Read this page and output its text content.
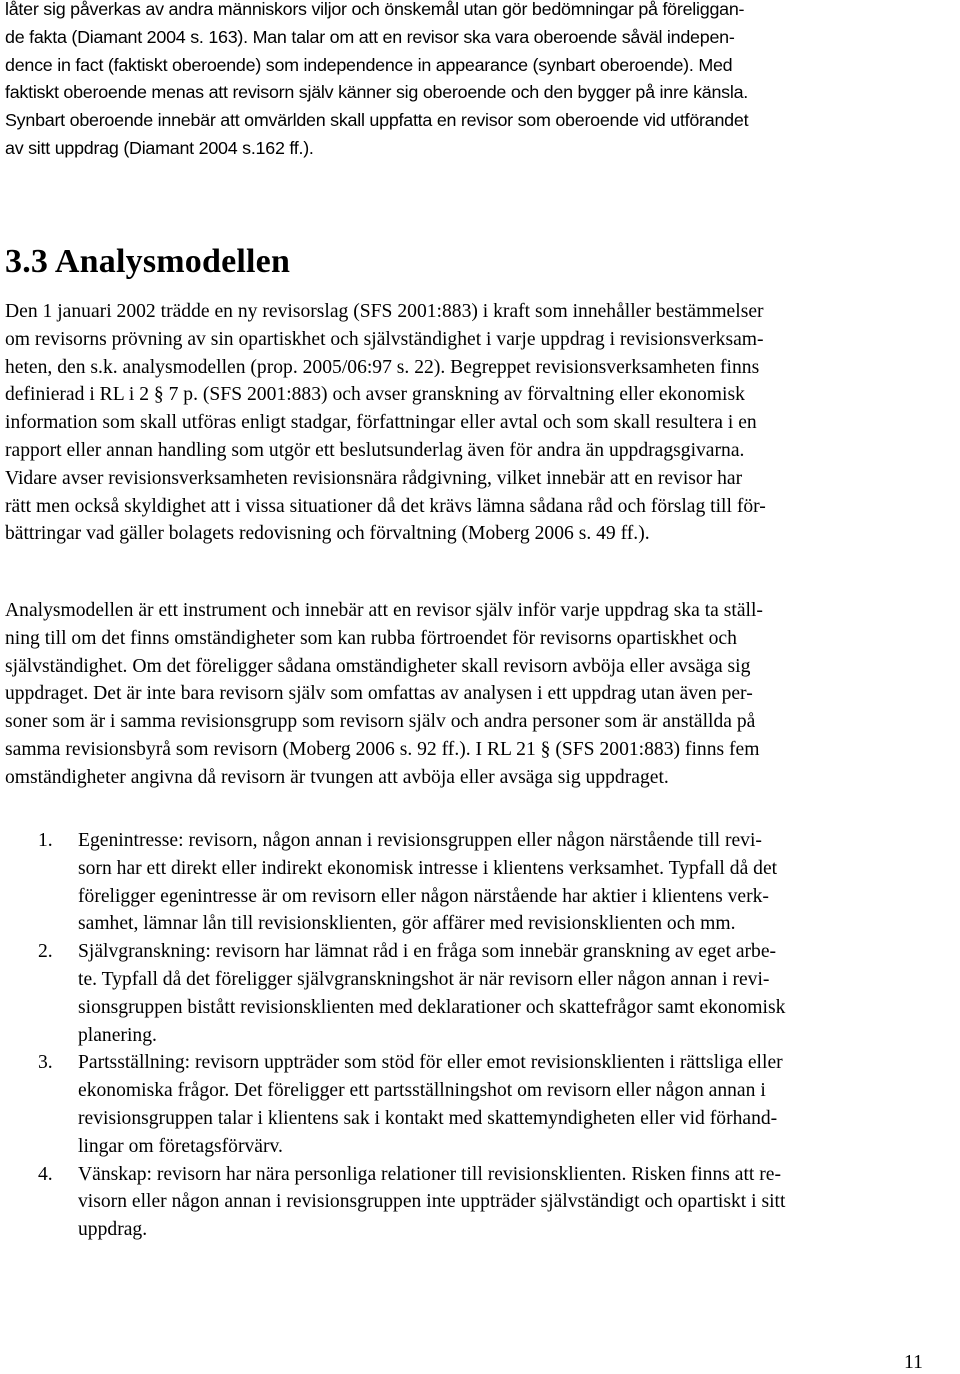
låter sig påverkas av andra människors viljor och önskemål utan gör bedömningar på föreliggan-
de fakta (Diamant 2004 s. 163). Man talar om att en revisor ska vara oberoende såväl indepen-
dence in fact (faktiskt oberoende) som independence in appearance (synbart oberoende). Med
faktiskt oberoende menas att revisorn själv känner sig oberoende och den bygger på inre känsla.
Synbart oberoende innebär att omvärlden skall uppfatta en revisor som oberoende vid utförandet
av sitt uppdrag (Diamant 2004 s.162 ff.).
3.3 Analysmodellen
Den 1 januari 2002 trädde en ny revisorslag (SFS 2001:883) i kraft som innehåller bestämmelser
om revisorns prövning av sin opartiskhet och självständighet i varje uppdrag i revisionsverksam-
heten, den s.k. analysmodellen (prop. 2005/06:97 s. 22). Begreppet revisionsverksamheten finns
definierad i RL i 2 § 7 p. (SFS 2001:883) och avser granskning av förvaltning eller ekonomisk
information som skall utföras enligt stadgar, författningar eller avtal och som skall resultera i en
rapport eller annan handling som utgör ett beslutsunderlag även för andra än uppdragsgivarna.
Vidare avser revisionsverksamheten revisionsnära rådgivning, vilket innebär att en revisor har
rätt men också skyldighet att i vissa situationer då det krävs lämna sådana råd och förslag till för-
bättringar vad gäller bolagets redovisning och förvaltning (Moberg 2006 s. 49 ff.).
Analysmodellen är ett instrument och innebär att en revisor själv inför varje uppdrag ska ta ställ-
ning till om det finns omständigheter som kan rubba förtroendet för revisorns opartiskhet och
självständighet. Om det föreligger sådana omständigheter skall revisorn avböja eller avsäga sig
uppdraget. Det är inte bara revisorn själv som omfattas av analysen i ett uppdrag utan även per-
soner som är i samma revisionsgrupp som revisorn själv och andra personer som är anställda på
samma revisionsbyrå som revisorn (Moberg 2006 s. 92 ff.). I RL 21 § (SFS 2001:883) finns fem
omständigheter angivna då revisorn är tvungen att avböja eller avsäga sig uppdraget.
1. Egenintresse: revisorn, någon annan i revisionsgruppen eller någon närstående till revi-
sorn har ett direkt eller indirekt ekonomisk intresse i klientens verksamhet. Typfall då det
föreligger egenintresse är om revisorn eller någon närstående har aktier i klientens verk-
samhet, lämnar lån till revisionsklienten, gör affärer med revisionsklienten och mm.
2. Självgranskning: revisorn har lämnat råd i en fråga som innebär granskning av eget arbe-
te. Typfall då det föreligger självgranskningshot är när revisorn eller någon annan i revi-
sionsgruppen bistått revisionsklienten med deklarationer och skattefrågor samt ekonomisk
planering.
3. Partsställning: revisorn uppträder som stöd för eller emot revisionsklienten i rättsliga eller
ekonomiska frågor. Det föreligger ett partsställningshot om revisorn eller någon annan i
revisionsgruppen talar i klientens sak i kontakt med skattemyndigheten eller vid förhand-
lingar om företagsförvärv.
4. Vänskap: revisorn har nära personliga relationer till revisionsklienten. Risken finns att re-
visorn eller någon annan i revisionsgruppen inte uppträder självständigt och opartiskt i sitt
uppdrag.
11
